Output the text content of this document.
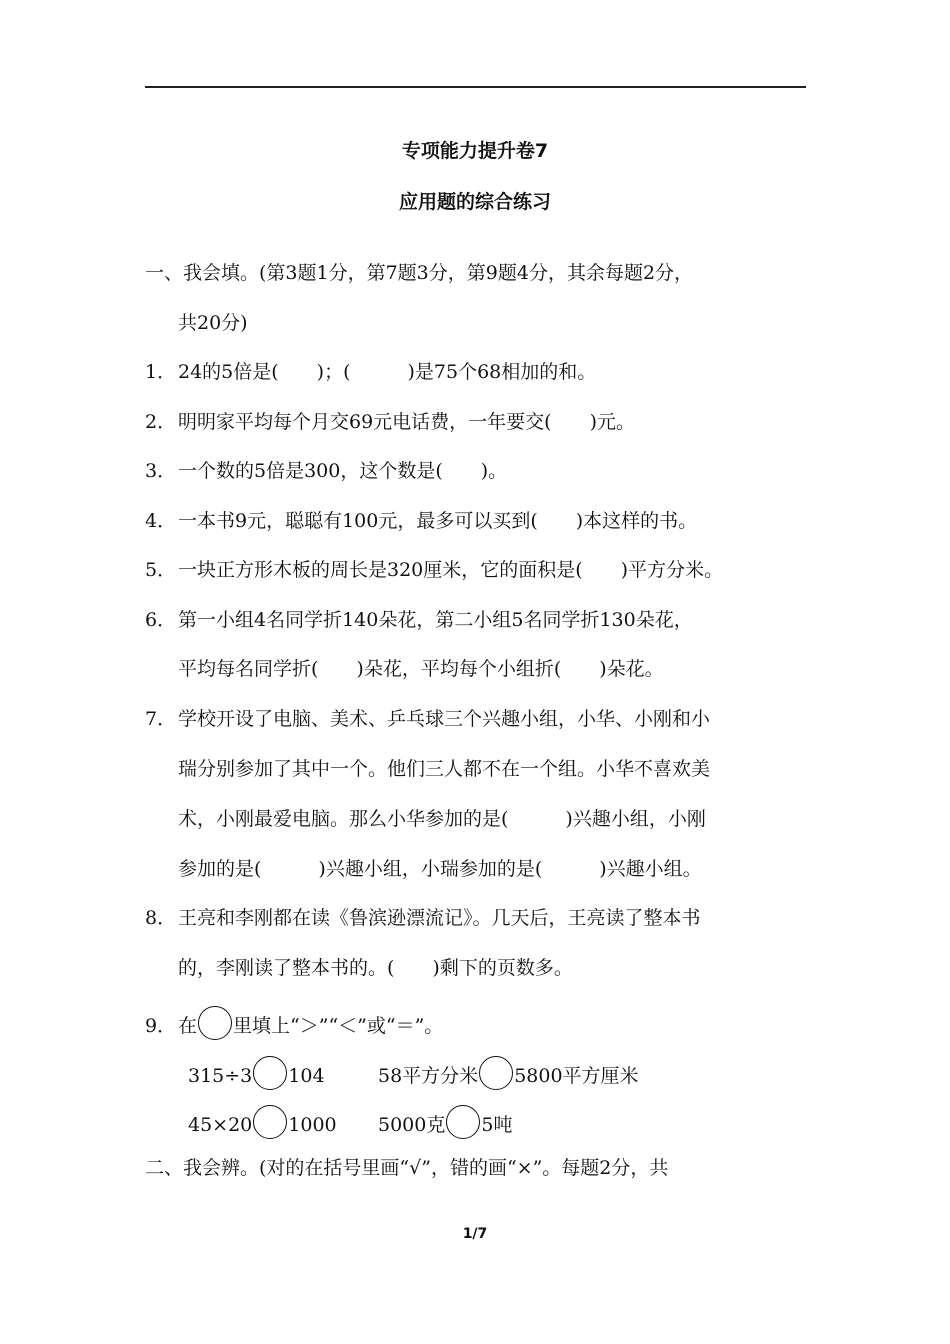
专项能力提升卷7
应用题的综合练习
一、我会填。(第3题1分，第7题3分，第9题4分，其余每题2分，
共20分)
1． 24的5倍是(　　)；(　　　)是75个68相加的和。
2． 明明家平均每个月交69元电话费，一年要交(　　)元。
3． 一个数的5倍是300，这个数是(　　)。
4． 一本书9元，聪聪有100元，最多可以买到(　　)本这样的书。
5． 一块正方形木板的周长是320厘米，它的面积是(　　)平方分米。
6． 第一小组4名同学折140朵花，第二小组5名同学折130朵花，
平均每名同学折(　　)朵花，平均每个小组折(　　)朵花。
7． 学校开设了电脑、美术、乒乓球三个兴趣小组，小华、小刚和小
瑞分别参加了其中一个。他们三人都不在一个组。小华不喜欢美
术，小刚最爱电脑。那么小华参加的是(　　　)兴趣小组，小刚
参加的是(　　　)兴趣小组，小瑞参加的是(　　　)兴趣小组。
8． 王亮和李刚都在读《鲁滨逊漂流记》。几天后，王亮读了整本书
的，李刚读了整本书的。(　　)剩下的页数多。
9． 在 里填上“＞”“＜”或“＝”。
315÷3 104	58平方分米 5800平方厘米
45×20 1000 5000克 5吨
二、我会辨。(对的在括号里画“√”，错的画“×”。每题2分，共
1/7
